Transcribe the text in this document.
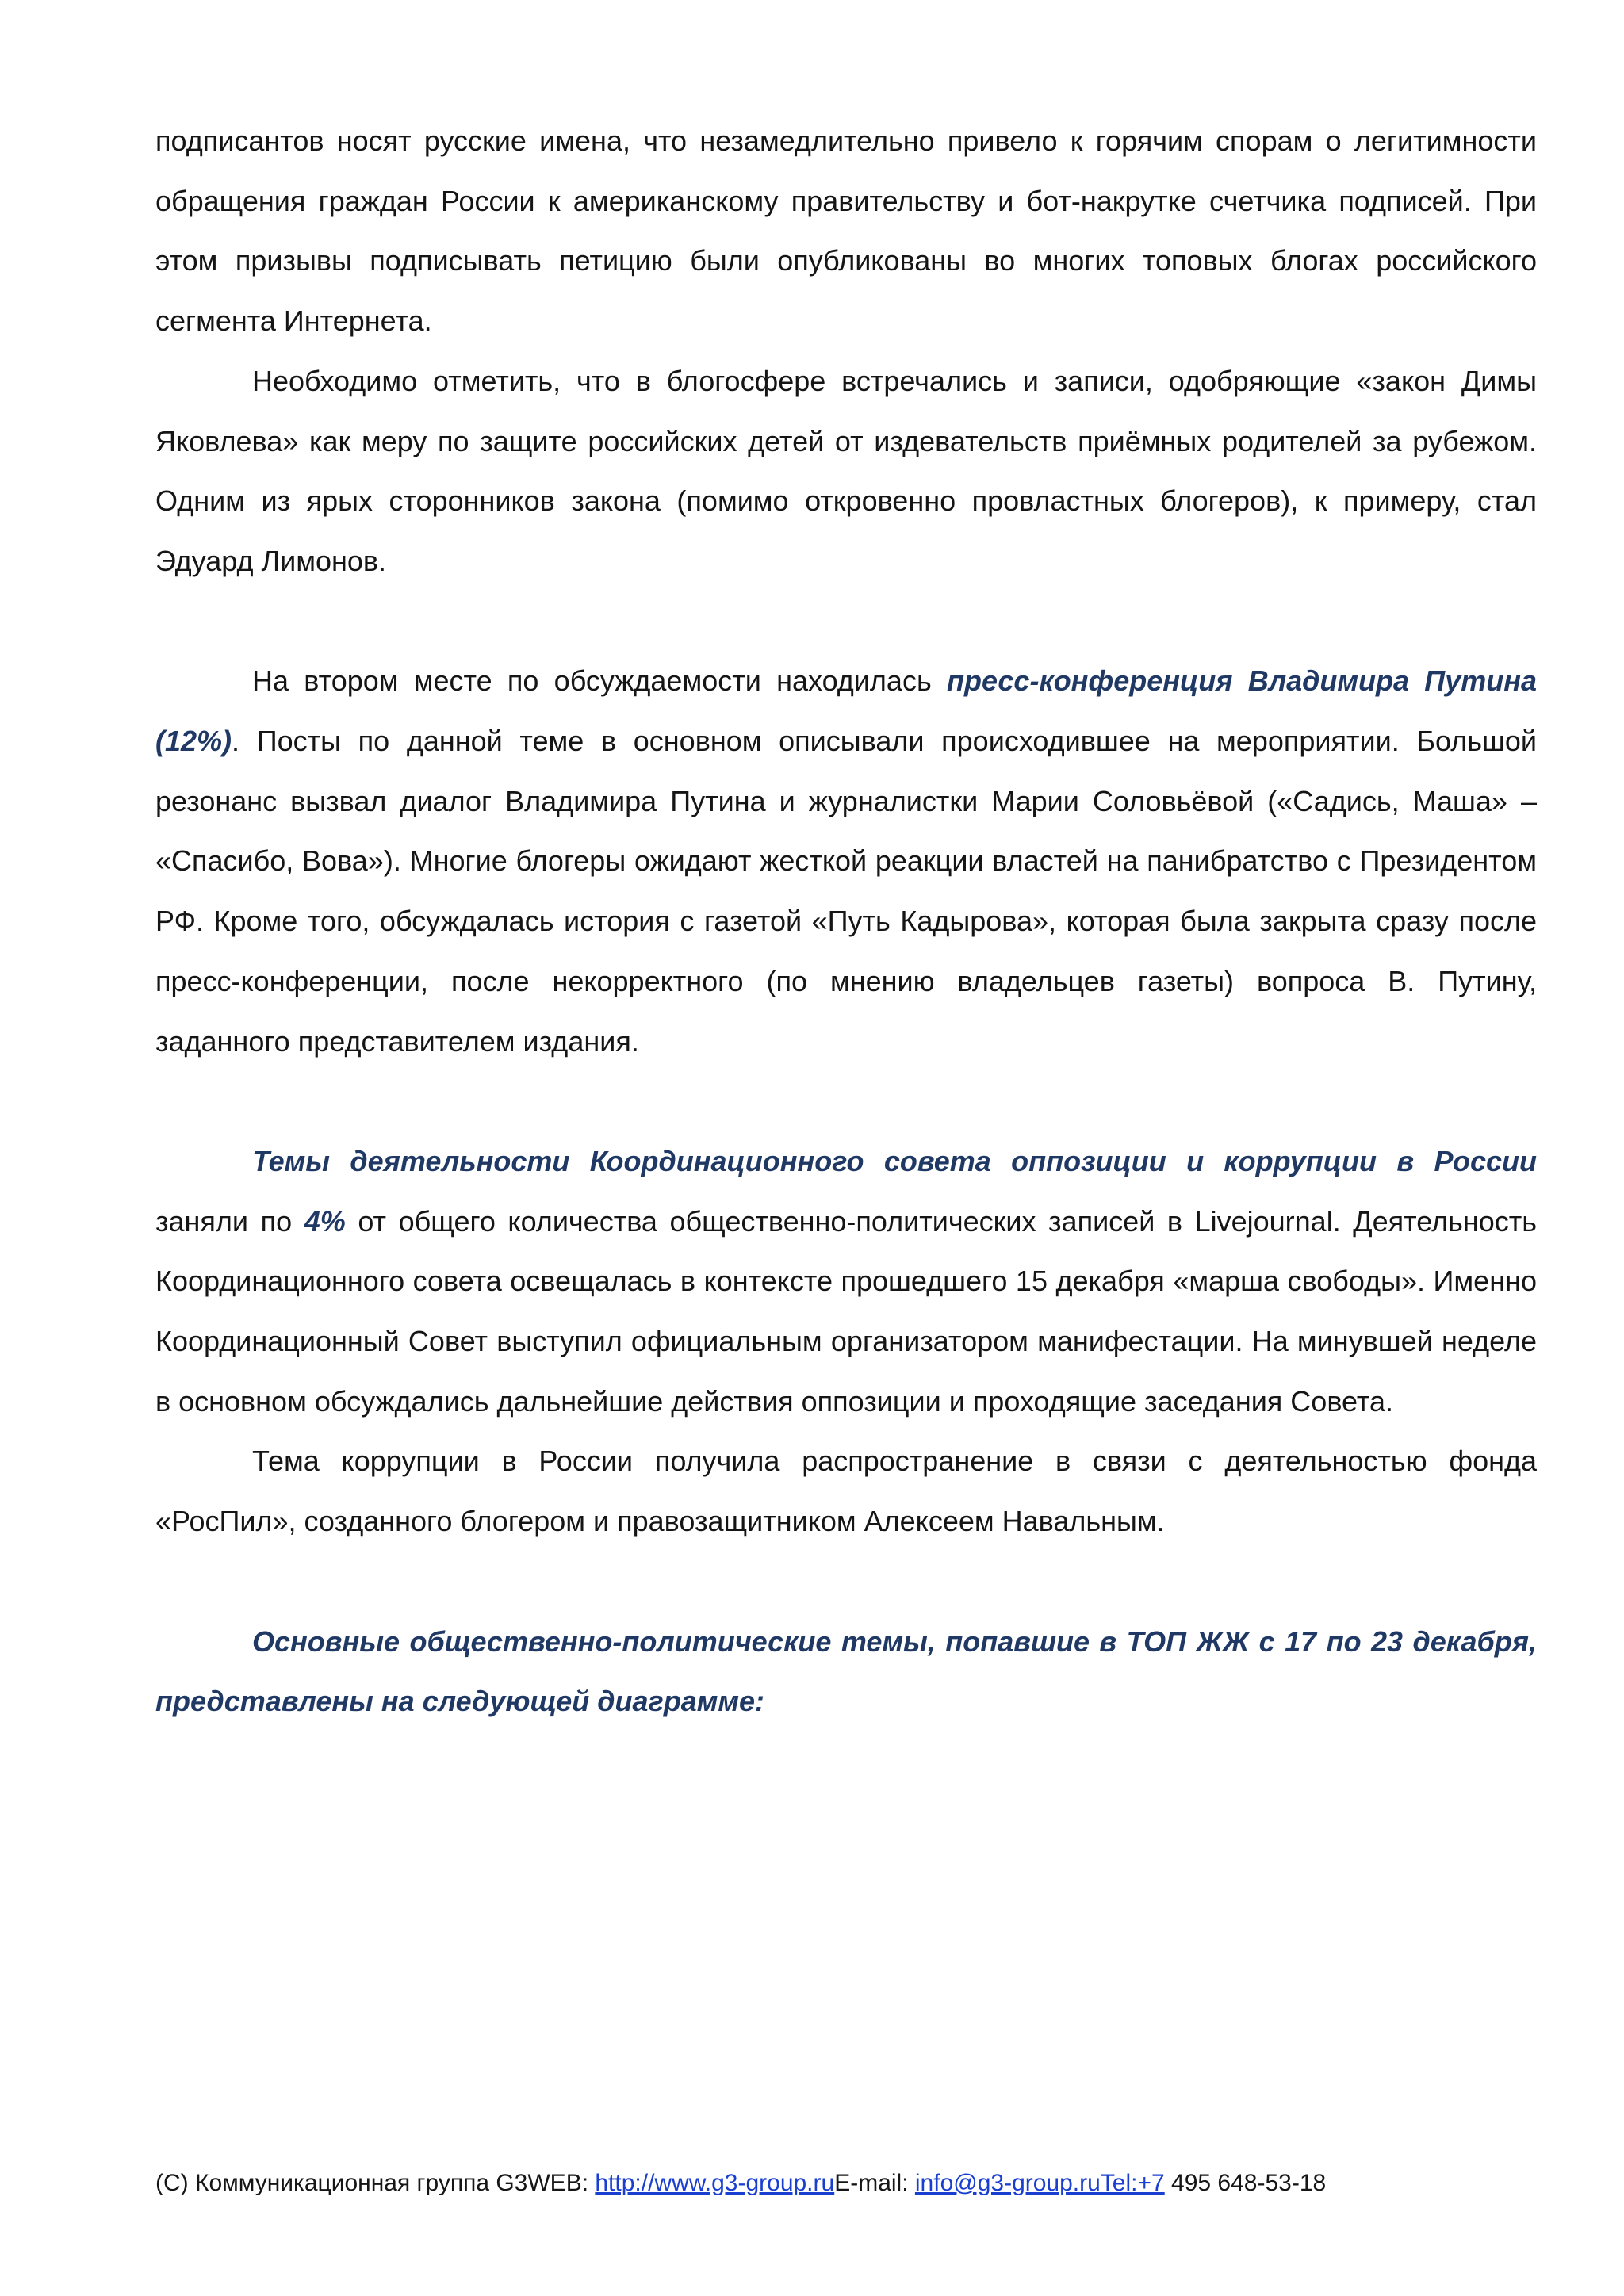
подписантов носят русские имена, что незамедлительно привело к горячим спорам о легитимности обращения граждан России к американскому правительству и бот-накрутке счетчика подписей. При этом призывы подписывать петицию были опубликованы во многих топовых блогах российского сегмента Интернета.

Необходимо отметить, что в блогосфере встречались и записи, одобряющие «закон Димы Яковлева» как меру по защите российских детей от издевательств приёмных родителей за рубежом. Одним из ярых сторонников закона (помимо откровенно провластных блогеров), к примеру, стал Эдуард Лимонов.

На втором месте по обсуждаемости находилась пресс-конференция Владимира Путина (12%). Посты по данной теме в основном описывали происходившее на мероприятии. Большой резонанс вызвал диалог Владимира Путина и журналистки Марии Соловьёвой («Садись, Маша» – «Спасибо, Вова»). Многие блогеры ожидают жесткой реакции властей на панибратство с Президентом РФ. Кроме того, обсуждалась история с газетой «Путь Кадырова», которая была закрыта сразу после пресс-конференции, после некорректного (по мнению владельцев газеты) вопроса В. Путину, заданного представителем издания.

Темы деятельности Координационного совета оппозиции и коррупции в России заняли по 4% от общего количества общественно-политических записей в Livejournal. Деятельность Координационного совета освещалась в контексте прошедшего 15 декабря «марша свободы». Именно Координационный Совет выступил официальным организатором манифестации. На минувшей неделе в основном обсуждались дальнейшие действия оппозиции и проходящие заседания Совета.

Тема коррупции в России получила распространение в связи с деятельностью фонда «РосПил», созданного блогером и правозащитником Алексеем Навальным.

Основные общественно-политические темы, попавшие в ТОП ЖЖ с 17 по 23 декабря, представлены на следующей диаграмме:

(С) Коммуникационная группа G3WEB: http://www.g3-group.ruE-mail: info@g3-group.ruTel:+7 495 648-53-18
